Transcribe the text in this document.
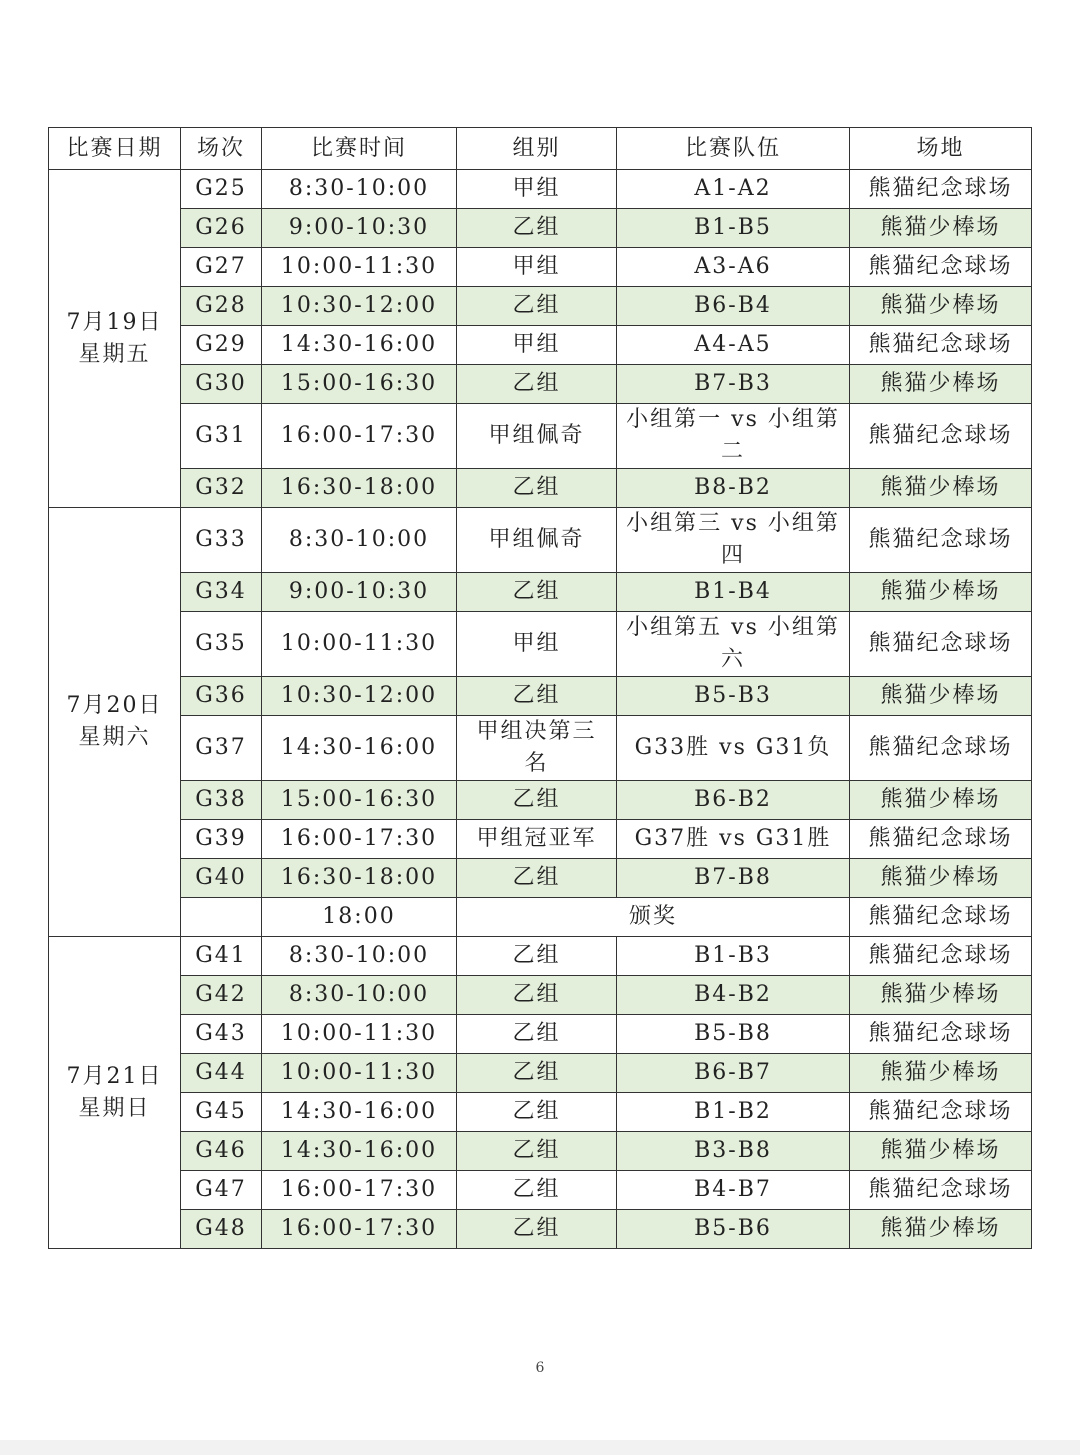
比赛日期	场次	比赛时间	组别	比赛队伍	场地

7月19日
星期五	G25	8:30-10:00	甲组	A1-A2	熊猫纪念球场
	G26	9:00-10:30	乙组	B1-B5	熊猫少棒场
	G27	10:00-11:30	甲组	A3-A6	熊猫纪念球场
	G28	10:30-12:00	乙组	B6-B4	熊猫少棒场
	G29	14:30-16:00	甲组	A4-A5	熊猫纪念球场
	G30	15:00-16:30	乙组	B7-B3	熊猫少棒场
	G31	16:00-17:30	甲组佩奇	小组第一 vs 小组第二	熊猫纪念球场
	G32	16:30-18:00	乙组	B8-B2	熊猫少棒场

7月20日
星期六	G33	8:30-10:00	甲组佩奇	小组第三 vs 小组第四	熊猫纪念球场
	G34	9:00-10:30	乙组	B1-B4	熊猫少棒场
	G35	10:00-11:30	甲组	小组第五 vs 小组第六	熊猫纪念球场
	G36	10:30-12:00	乙组	B5-B3	熊猫少棒场
	G37	14:30-16:00	甲组决第三名	G33胜 vs G31负	熊猫纪念球场
	G38	15:00-16:30	乙组	B6-B2	熊猫少棒场
	G39	16:00-17:30	甲组冠亚军	G37胜 vs G31胜	熊猫纪念球场
	G40	16:30-18:00	乙组	B7-B8	熊猫少棒场
		18:00	颁奖		熊猫纪念球场

7月21日
星期日	G41	8:30-10:00	乙组	B1-B3	熊猫纪念球场
	G42	8:30-10:00	乙组	B4-B2	熊猫少棒场
	G43	10:00-11:30	乙组	B5-B8	熊猫纪念球场
	G44	10:00-11:30	乙组	B6-B7	熊猫少棒场
	G45	14:30-16:00	乙组	B1-B2	熊猫纪念球场
	G46	14:30-16:00	乙组	B3-B8	熊猫少棒场
	G47	16:00-17:30	乙组	B4-B7	熊猫纪念球场
	G48	16:00-17:30	乙组	B5-B6	熊猫少棒场
6
